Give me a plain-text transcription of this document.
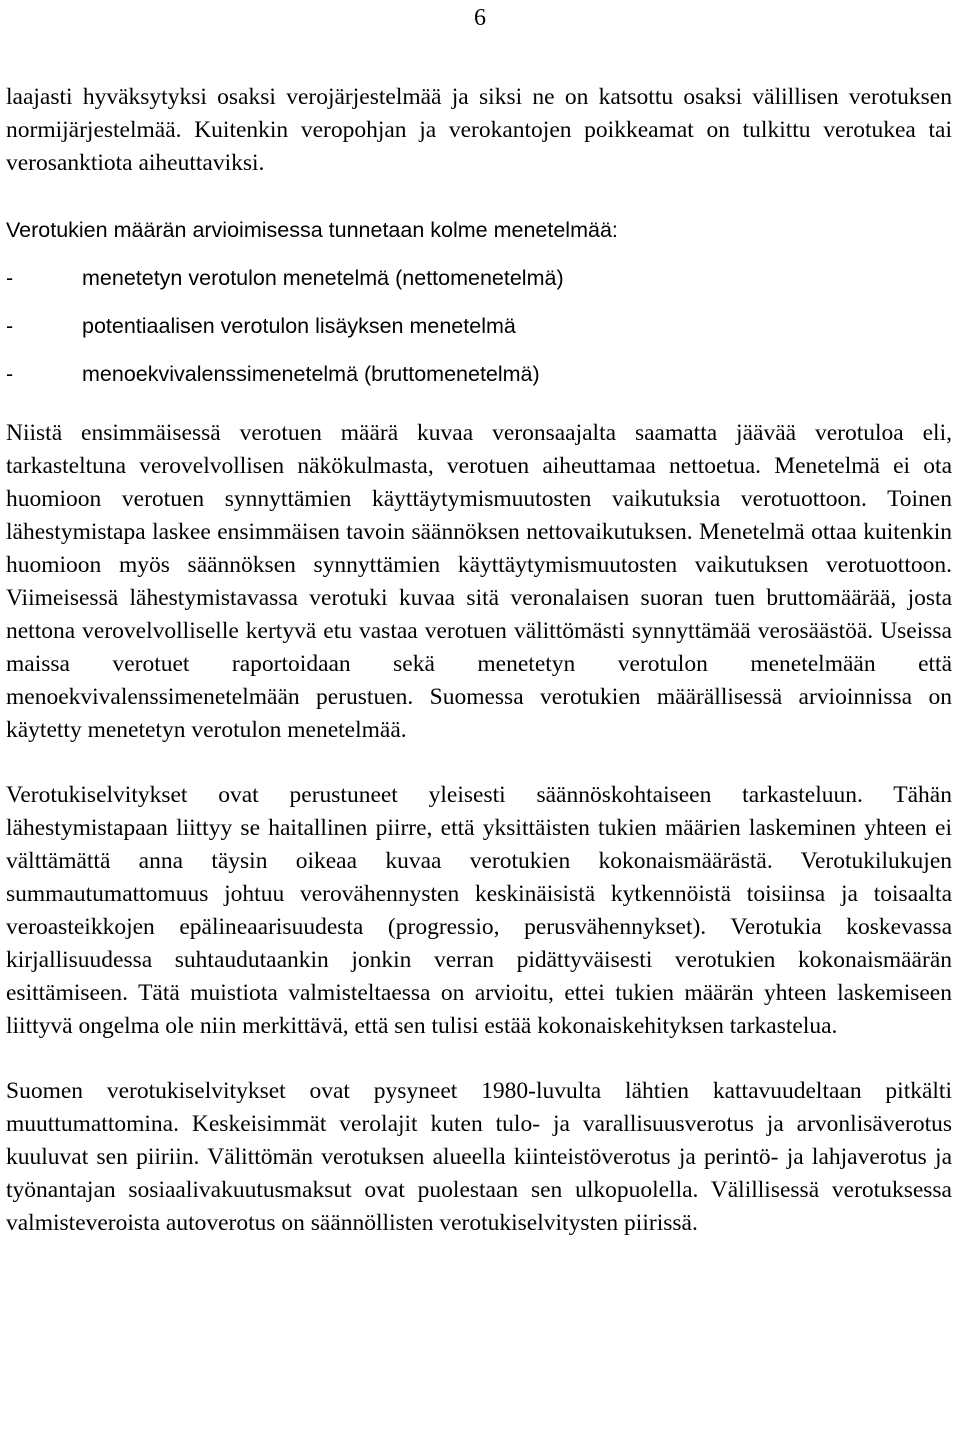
6

laajasti hyväksytyksi osaksi verojärjestelmää ja siksi ne on katsottu osaksi välillisen verotuksen normijärjestelmää. Kuitenkin veropohjan ja verokantojen poikkeamat on tulkittu verotukea tai verosanktiota aiheuttaviksi.

Verotukien määrän arvioimisessa tunnetaan kolme menetelmää:

-	menetetyn verotulon menetelmä (nettomenetelmä)
-	potentiaalisen verotulon lisäyksen menetelmä
-	menoekvivalenssimenetelmä (bruttomenetelmä)

Niistä ensimmäisessä verotuen määrä kuvaa veronsaajalta saamatta jäävää verotuloa eli, tarkasteltuna verovelvollisen näkökulmasta, verotuen aiheuttamaa nettoetua. Menetelmä ei ota huomioon verotuen synnyttämien käyttäytymismuutosten vaikutuksia verotuottoon. Toinen lähestymistapa laskee ensimmäisen tavoin säännöksen nettovaikutuksen. Menetelmä ottaa kuitenkin huomioon myös säännöksen synnyttämien käyttäytymismuutosten vaikutuksen verotuottoon. Viimeisessä lähestymistavassa verotuki kuvaa sitä veronalaisen suoran tuen bruttomäärää, josta nettona verovelvolliselle kertyvä etu vastaa verotuen välittömästi synnyttämää verosäästöä. Useissa maissa verotuet raportoidaan sekä menetetyn verotulon menetelmään että menoekvivalenssimenetelmään perustuen. Suomessa verotukien määrällisessä arvioinnissa on käytetty menetetyn verotulon menetelmää.

Verotukiselvitykset ovat perustuneet yleisesti säännöskohtaiseen tarkasteluun. Tähän lähestymistapaan liittyy se haitallinen piirre, että yksittäisten tukien määrien laskeminen yhteen ei välttämättä anna täysin oikeaa kuvaa verotukien kokonaismäärästä. Verotukilukujen summautumattomuus johtuu verovähennysten keskinäisistä kytkennöistä toisiinsa ja toisaalta veroasteikkojen epälineaarisuudesta (progressio, perusvähennykset). Verotukia koskevassa kirjallisuudessa suhtaudutaankin jonkin verran pidättyväisesti verotukien kokonaismäärän esittämiseen. Tätä muistiota valmisteltaessa on arvioitu, ettei tukien määrän yhteen laskemiseen liittyvä ongelma ole niin merkittävä, että sen tulisi estää kokonaiskehityksen tarkastelua.

Suomen verotukiselvitykset ovat pysyneet 1980-luvulta lähtien kattavuudeltaan pitkälti muuttumattomina. Keskeisimmät verolajit kuten tulo- ja varallisuusverotus ja arvonlisäverotus kuuluvat sen piiriin. Välittömän verotuksen alueella kiinteistöverotus ja perintö- ja lahjaverotus ja työnantajan sosiaalivakuutusmaksut ovat puolestaan sen ulkopuolella. Välillisessä verotuksessa valmisteveroista autoverotus on säännöllisten verotukiselvitysten piirissä.
